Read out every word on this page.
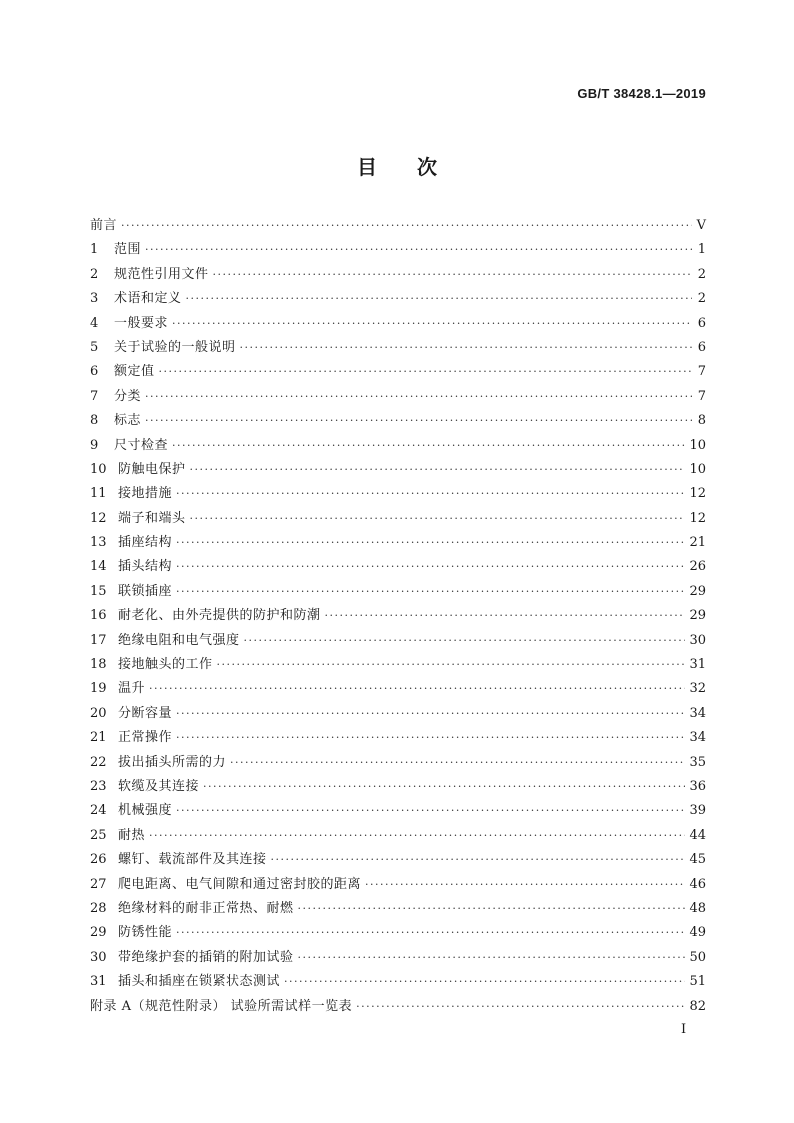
GB/T 38428.1—2019
目 次
前言 ·····	V
1	范围 ·····	1
2	规范性引用文件 ·····	2
3	术语和定义 ·····	2
4	一般要求 ·····	6
5	关于试验的一般说明 ·····	6
6	额定值 ·····	7
7	分类 ·····	7
8	标志 ·····	8
9	尺寸检查 ·····	10
10 防触电保护 ·····	10
11 接地措施 ·····	12
12 端子和端头 ·····	12
13 插座结构 ·····	21
14 插头结构 ·····	26
15 联锁插座 ·····	29
16 耐老化、由外壳提供的防护和防潮 ·····	29
17 绝缘电阻和电气强度 ·····	30
18 接地触头的工作 ·····	31
19 温升 ·····	32
20 分断容量 ·····	34
21 正常操作 ·····	34
22 拔出插头所需的力 ·····	35
23 软缆及其连接 ·····	36
24 机械强度 ·····	39
25 耐热 ·····	44
26 螺钉、载流部件及其连接 ·····	45
27 爬电距离、电气间隙和通过密封胶的距离 ·····	46
28 绝缘材料的耐非正常热、耐燃 ·····	48
29 防锈性能 ·····	49
30 带绝缘护套的插销的附加试验 ·····	50
31 插头和插座在锁紧状态测试 ·····	51
附录 A（规范性附录） 试验所需试样一览表 ·····	82
I
